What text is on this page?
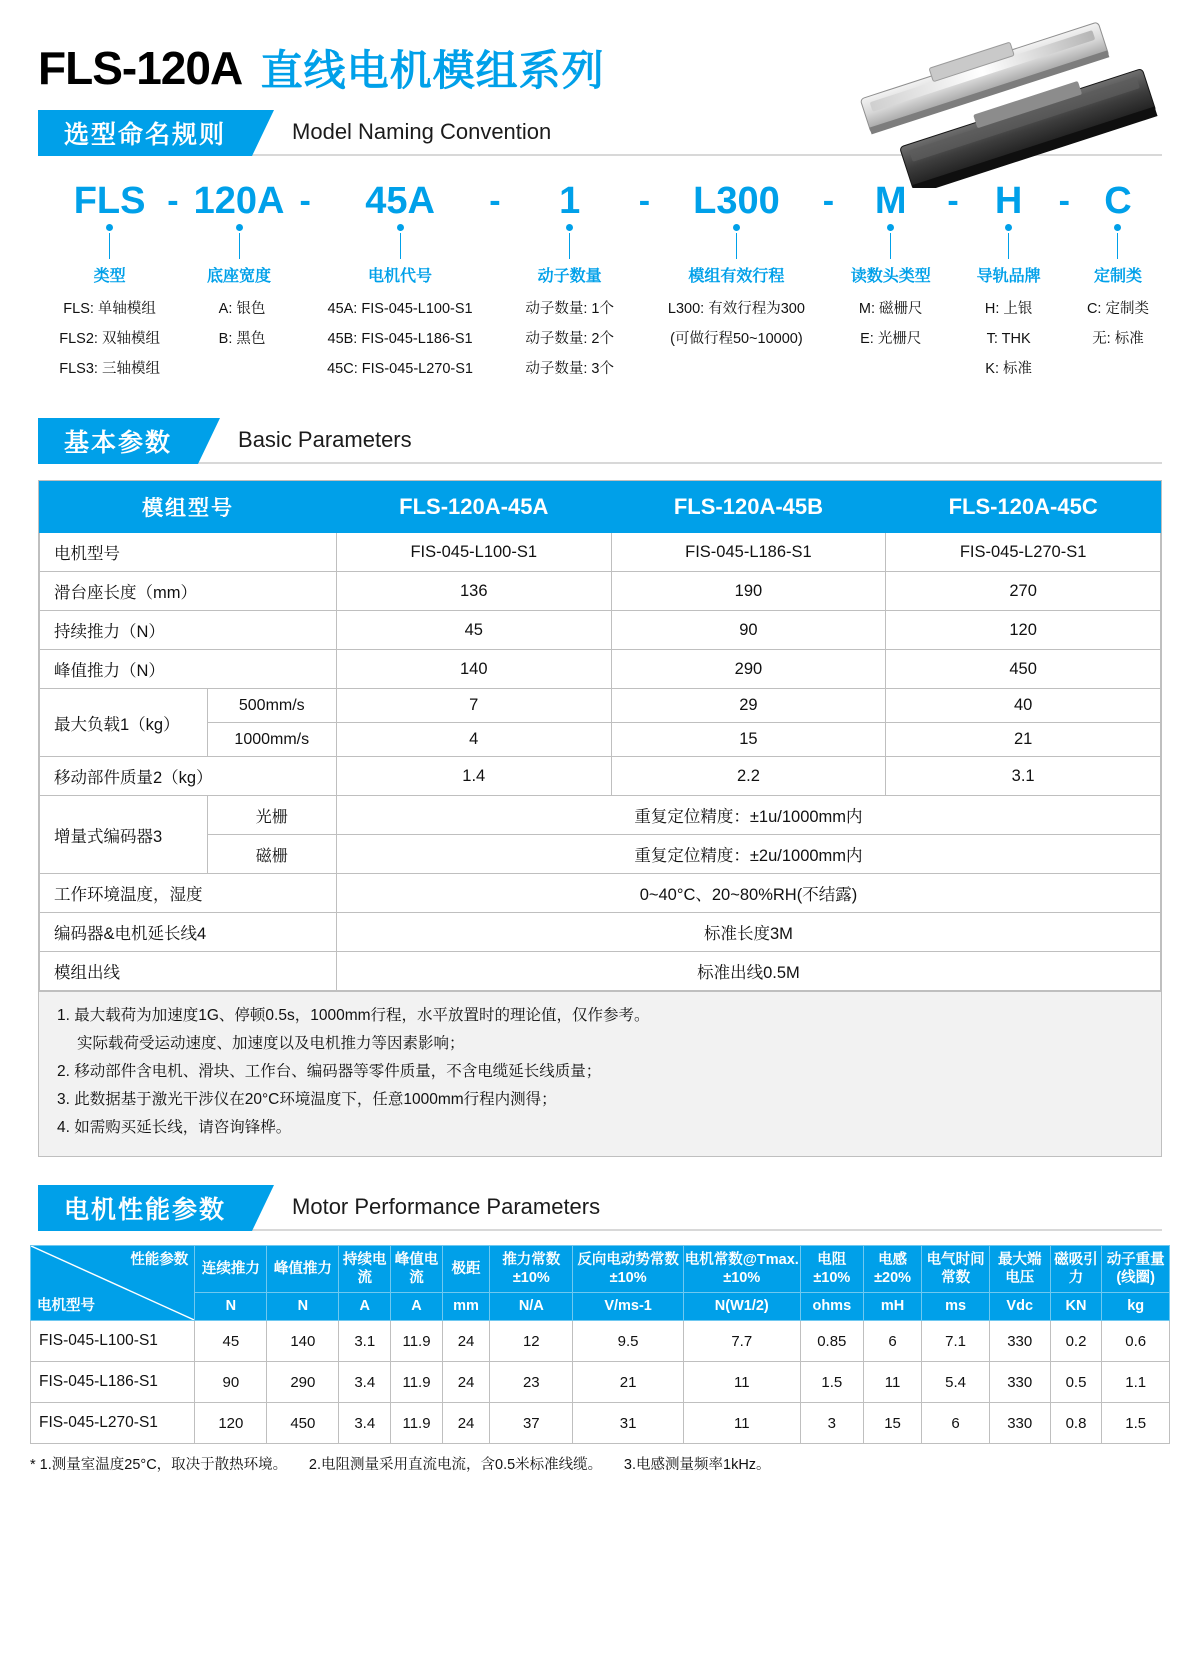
FLS-120A 直线电机模组系列
选型命名规则	Model Naming Convention
FLS
类型
FLS: 单轴模组
FLS2: 双轴模组
FLS3: 三轴模组
- 120A
底座宽度
A: 银色
B: 黑色
-	45A
电机代号
45A: FIS-045-L100-S1
45B: FIS-045-L186-S1
45C: FIS-045-L270-S1
-	1
动子数量
动子数量: 1个
动子数量: 2个
动子数量: 3个
-	L300
模组有效行程
L300: 有效行程为300
(可做行程50~10000)
-	M
读数头类型
M: 磁栅尺
E: 光栅尺
- H
导轨品牌
H: 上银
T: THK
K: 标准
- C
定制类
C: 定制类
无: 标准
基本参数	Basic Parameters
模组型号		FLS-120A-45A	FLS-120A-45B	FLS-120A-45C
电机型号		FIS-045-L100-S1	FIS-045-L186-S1	FIS-045-L270-S1
滑台座长度（mm）		136	190	270
持续推力（N）		45	90	120
峰值推力（N）		140	290	450
最大负载1（kg）	500mm/s	7	29	40
	1000mm/s	4	15	21
移动部件质量2（kg）		1.4	2.2	3.1
增量式编码器3	光栅	重复定位精度：±1u/1000mm内		
	磁栅	重复定位精度：±2u/1000mm内		
工作环境温度，湿度		0~40°C、20~80%RH(不结露)		
编码器&电机延长线4		标准长度3M		
模组出线		标准出线0.5M		
1. 最大载荷为加速度1G、停顿0.5s，1000mm行程，水平放置时的理论值，仅作参考。
实际载荷受运动速度、加速度以及电机推力等因素影响；
2. 移动部件含电机、滑块、工作台、编码器等零件质量，不含电缆延长线质量；
3. 此数据基于激光干涉仪在20°C环境温度下，任意1000mm行程内测得；
4. 如需购买延长线，请咨询锋桦。
电机性能参数	Motor Performance Parameters
性能参数
电机型号	连续推力	峰值推力	持续电流	峰值电流	极距	推力常数±10%	反向电动势常数±10%	电机常数@Tmax.±10%	电阻±10%	电感±20%	电气时间常数	最大端电压	磁吸引力	动子重量(线圈)
	N	N	A	A	mm	N/A	V/ms-1	N(W1/2)	ohms	mH	ms	Vdc	KN	kg
FIS-045-L100-S1	45	140	3.1	11.9	24	12	9.5	7.7	0.85	6	7.1	330	0.2	0.6
FIS-045-L186-S1	90	290	3.4	11.9	24	23	21	11	1.5	11	5.4	330	0.5	1.1
FIS-045-L270-S1	120	450	3.4	11.9	24	37	31	11	3	15	6	330	0.8	1.5
* 1.测量室温度25°C，取决于散热环境。　　2.电阻测量采用直流电流，含0.5米标准线缆。　　3.电感测量频率1kHz。
